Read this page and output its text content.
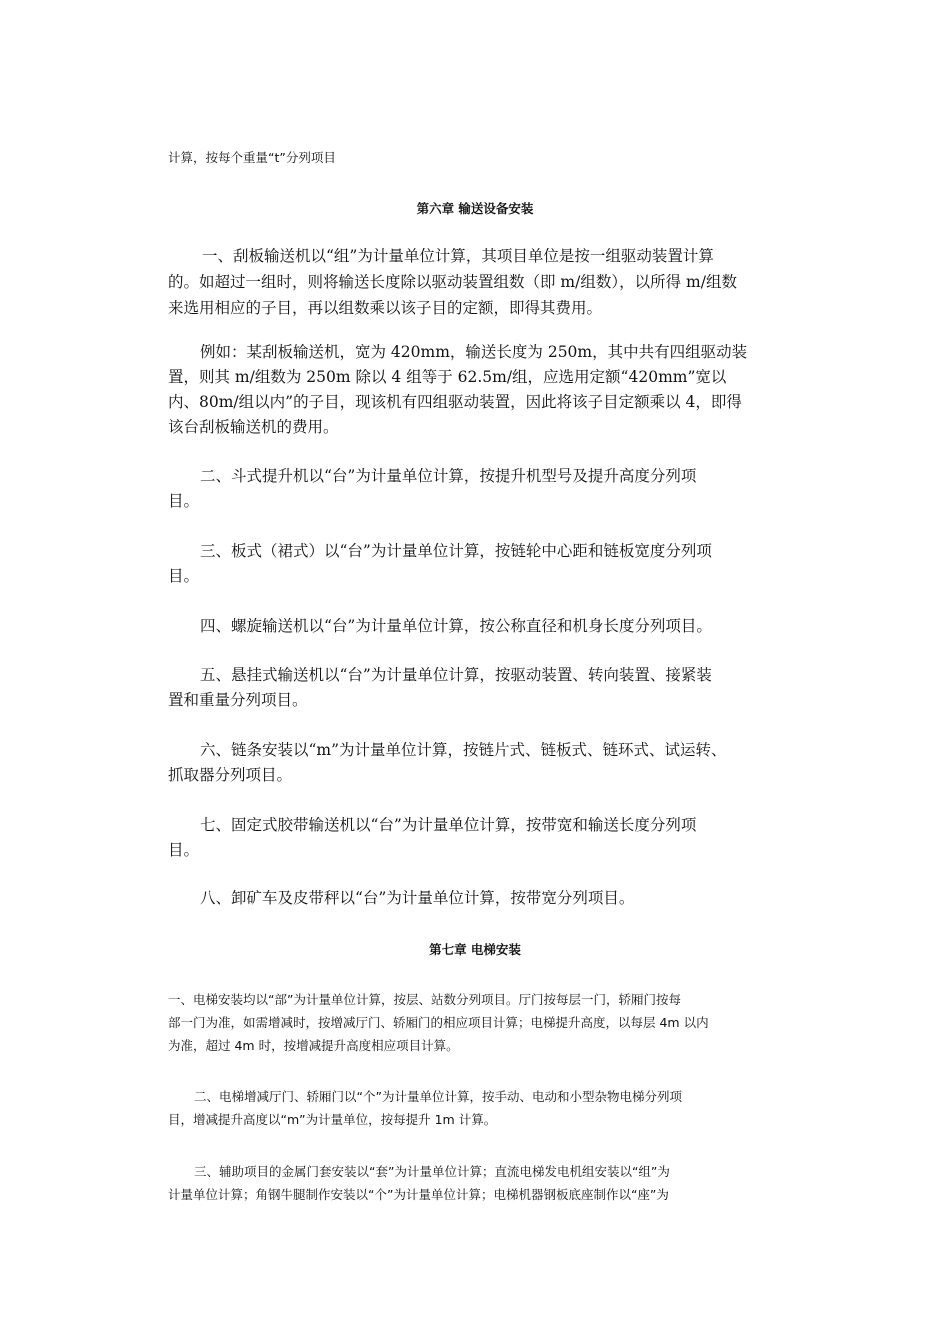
计算，按每个重量“t”分列项目

第六章 输送设备安装

一、刮板输送机以“组”为计量单位计算，其项目单位是按一组驱动装置计算
的。如超过一组时，则将输送长度除以驱动装置组数（即 m/组数），以所得 m/组数
来选用相应的子目，再以组数乘以该子目的定额，即得其费用。

例如：某刮板输送机，宽为 420mm，输送长度为 250m，其中共有四组驱动装
置，则其 m/组数为 250m 除以 4 组等于 62.5m/组，应选用定额“420mm”宽以
内、80m/组以内”的子目，现该机有四组驱动装置，因此将该子目定额乘以 4，即得
该台刮板输送机的费用。

二、斗式提升机以“台”为计量单位计算，按提升机型号及提升高度分列项
目。

三、板式（裙式）以“台”为计量单位计算，按链轮中心距和链板宽度分列项
目。

四、螺旋输送机以“台”为计量单位计算，按公称直径和机身长度分列项目。

五、悬挂式输送机以“台”为计量单位计算，按驱动装置、转向装置、接紧装
置和重量分列项目。

六、链条安装以“m”为计量单位计算，按链片式、链板式、链环式、试运转、
抓取器分列项目。

七、固定式胶带输送机以“台”为计量单位计算，按带宽和输送长度分列项
目。

八、卸矿车及皮带秤以“台”为计量单位计算，按带宽分列项目。

第七章 电梯安装

一、电梯安装均以“部”为计量单位计算，按层、站数分列项目。厅门按每层一门，轿厢门按每
部一门为准，如需增减时，按增减厅门、轿厢门的相应项目计算；电梯提升高度，以每层 4m 以内
为准，超过 4m 时，按增减提升高度相应项目计算。

二、电梯增减厅门、轿厢门以“个”为计量单位计算，按手动、电动和小型杂物电梯分列项
目，增减提升高度以“m”为计量单位，按每提升 1m 计算。

三、辅助项目的金属门套安装以“套”为计量单位计算；直流电梯发电机组安装以“组”为
计量单位计算；角钢牛腿制作安装以“个”为计量单位计算；电梯机器钢板底座制作以“座”为
